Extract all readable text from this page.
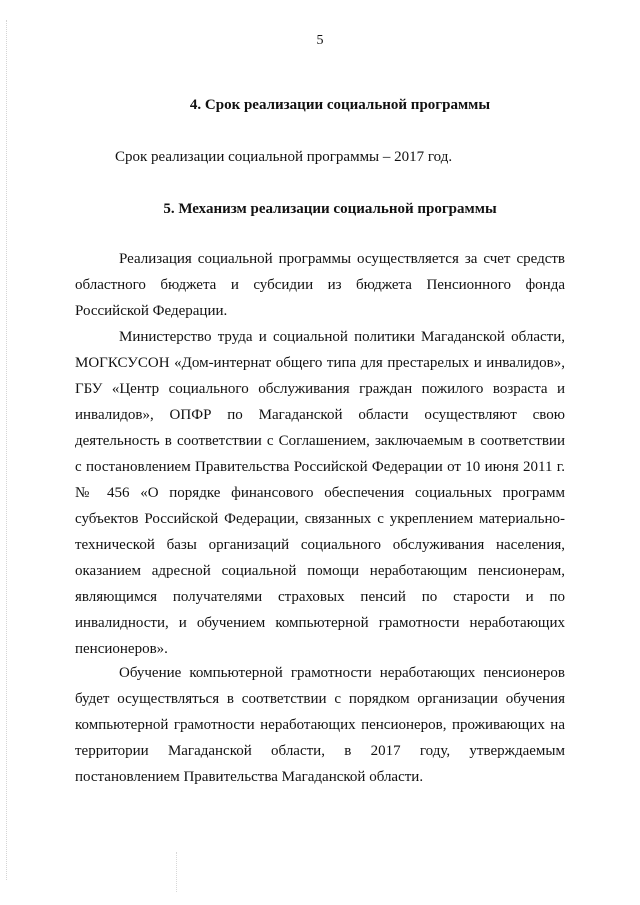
5
4. Срок реализации социальной программы
Срок реализации социальной программы – 2017 год.
5. Механизм реализации социальной программы

Реализация социальной программы осуществляется за счет средств областного бюджета и субсидии из бюджета Пенсионного фонда Российской Федерации.

Министерство труда и социальной политики Магаданской области, МОГКСУСОН «Дом-интернат общего типа для престарелых и инвалидов», ГБУ «Центр социального обслуживания граждан пожилого возраста и инвалидов», ОПФР по Магаданской области осуществляют свою деятельность в соответствии с Соглашением, заключаемым в соответствии с постановлением Правительства Российской Федерации от 10 июня 2011 г. № 456 «О порядке финансового обеспечения социальных программ субъектов Российской Федерации, связанных с укреплением материально-технической базы организаций социального обслуживания населения, оказанием адресной социальной помощи неработающим пенсионерам, являющимся получателями страховых пенсий по старости и по инвалидности, и обучением компьютерной грамотности неработающих пенсионеров».

Обучение компьютерной грамотности неработающих пенсионеров будет осуществляться в соответствии с порядком организации обучения компьютерной грамотности неработающих пенсионеров, проживающих на территории Магаданской области, в 2017 году, утверждаемым постановлением Правительства Магаданской области.
